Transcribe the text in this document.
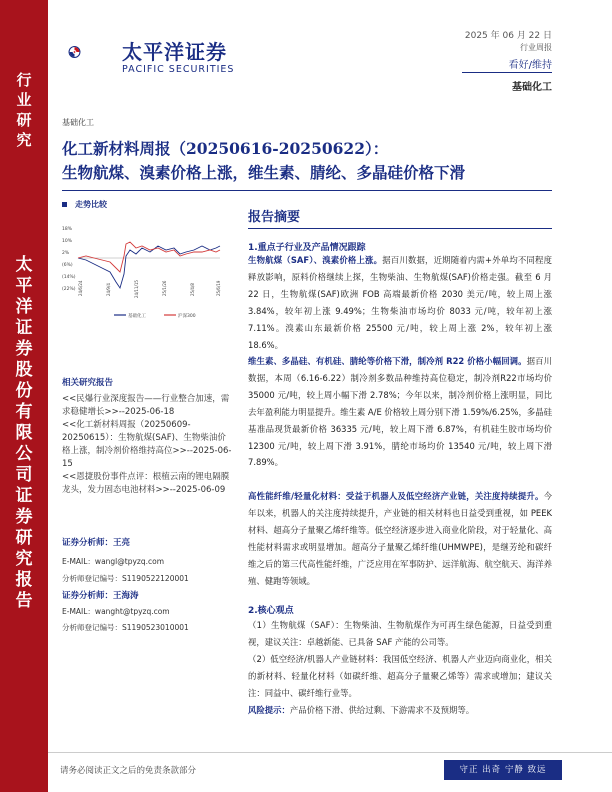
行
业
研
究
太
平
洋
证
券
股
份
有
限
公
司
证
券
研
究
报
告
太平洋证券
PACIFIC SECURITIES
2025 年 06 月 22 日
行业周报
看好/维持
基础化工
基础化工
化工新材料周报（20250616-20250622）：
生物航煤、溴素价格上涨，维生素、腈纶、多晶硅价格下滑
走势比较
18%
10%
2%
(6%)
(14%)
(22%) 24/6/24	24/9/4	24/11/15	25/1/26	25/4/8	25/6/19
基础化工	沪深300
相关研究报告

<<民爆行业深度报告——行业整合加速，需求稳健增长>>--2025-06-18

<<化工新材料周报（20250609-20250615）：生物航煤(SAF)、生物柴油价格上涨，制冷剂价格维持高位>>--2025-06-15

<<恩捷股份事件点评：根植云南的锂电隔膜龙头，发力固态电池材料>>--2025-06-09

证券分析师：王亮
E-MAIL：wangl@tpyzq.com
分析师登记编号：S1190522120001
证券分析师：王海涛
E-MAIL：wanght@tpyzq.com
分析师登记编号：S1190523010001
报告摘要
1.重点子行业及产品情况跟踪
生物航煤（SAF）、溴素价格上涨。据百川数据，近期随着内需+外单均不同程度释放影响，原料价格继续上探，生物柴油、生物航煤(SAF)价格走强。截至 6 月 22 日，生物航煤(SAF)欧洲 FOB 高端最新价格 2030 美元/吨，较上周上涨 3.84%，较年初上涨 9.49%；生物柴油市场均价 8033 元/吨，较年初上涨 7.11%。溴素山东最新价格 25500 元/吨，较上周上涨 2%，较年初上涨 18.6%。
维生素、多晶硅、有机硅、腈纶等价格下滑，制冷剂 R22 价格小幅回调。据百川数据，本周（6.16-6.22）制冷剂多数品种维持高位稳定，制冷剂R22市场均价 35000 元/吨，较上周小幅下滑 2.78%；今年以来，制冷剂价格上涨明显，同比去年盈利能力明显提升。维生素 A/E 价格较上周分别下滑 1.59%/6.25%，多晶硅基准品现货最新价格 36335 元/吨，较上周下滑 6.87%，有机硅生胶市场均价 12300 元/吨，较上周下滑 3.91%，腈纶市场均价 13540 元/吨，较上周下滑 7.89%。
高性能纤维/轻量化材料：受益于机器人及低空经济产业链，关注度持续提升。今年以来，机器人的关注度持续提升，产业链的相关材料也日益受到重视，如 PEEK 材料、超高分子量聚乙烯纤维等。低空经济逐步进入商业化阶段，对于轻量化、高性能材料需求或明显增加。超高分子量聚乙烯纤维(UHMWPE)，是继芳纶和碳纤维之后的第三代高性能纤维，广泛应用在军事防护、远洋航海、航空航天、海洋养殖、健跑等领域。
2.核心观点
（1）生物航煤（SAF）：生物柴油、生物航煤作为可再生绿色能源，日益受到重视，建议关注：卓越新能、已具备 SAF 产能的公司等。
（2）低空经济/机器人产业链材料：我国低空经济、机器人产业迈向商业化，相关的新材料、轻量化材料（如碳纤维、超高分子量聚乙烯等）需求或增加；建议关注：同益中、碳纤维行业等。
风险提示：产品价格下滑、供给过剩、下游需求不及预期等。
请务必阅读正文之后的免责条款部分	守正 出奇 宁静 致远
